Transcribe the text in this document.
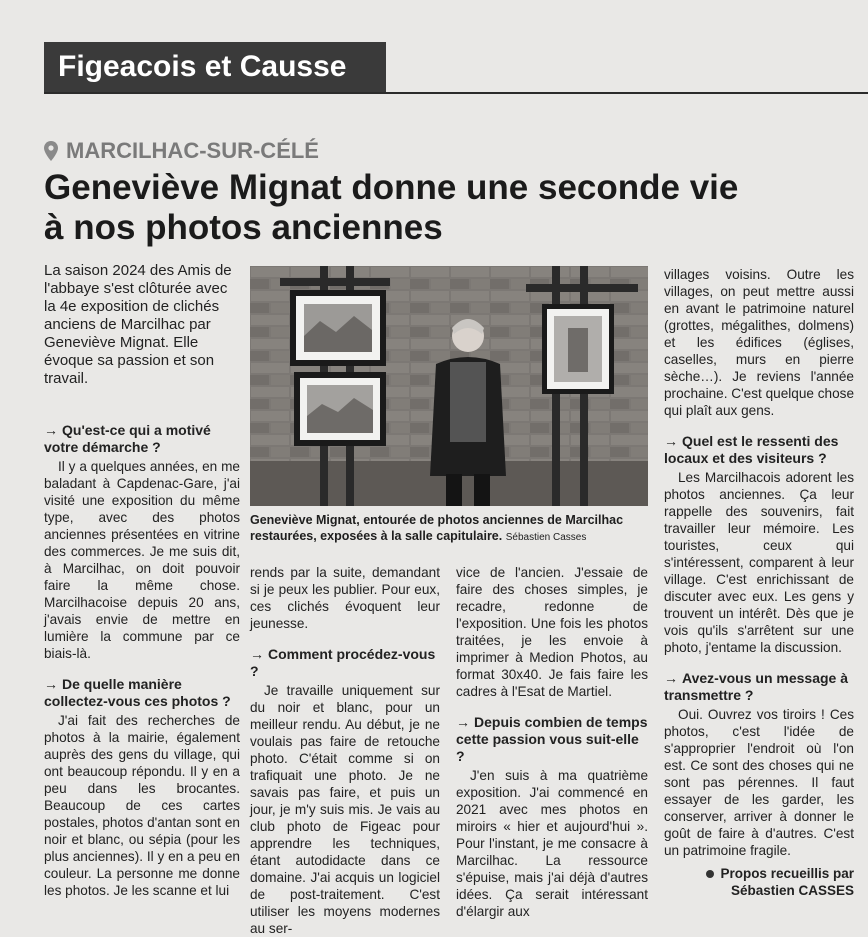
Figeacois et Causse
MARCILHAC-SUR-CÉLÉ
Geneviève Mignat donne une seconde vie
à nos photos anciennes
La saison 2024 des Amis de l'abbaye s'est clôturée avec la 4e exposition de clichés anciens de Marcilhac par Geneviève Mignat. Elle évoque sa passion et son travail.
Geneviève Mignat, entourée de photos anciennes de Marcilhac restaurées, exposées à la salle capitulaire. Sébastien Casses
→ Qu'est-ce qui a motivé votre démarche ?

Il y a quelques années, en me baladant à Capdenac-Gare, j'ai visité une exposition du même type, avec des photos anciennes présentées en vitrine des commerces. Je me suis dit, à Marcilhac, on doit pouvoir faire la même chose. Marcilhacoise depuis 20 ans, j'avais envie de mettre en lumière la commune par ce biais-là.

→ De quelle manière collectez-vous ces photos ?

J'ai fait des recherches de photos à la mairie, également auprès des gens du village, qui ont beaucoup répondu. Il y en a peu dans les brocantes. Beaucoup de ces cartes postales, photos d'antan sont en noir et blanc, ou sépia (pour les plus anciennes). Il y en a peu en couleur. La personne me donne les photos. Je les scanne et lui

rends par la suite, demandant si je peux les publier. Pour eux, ces clichés évoquent leur jeunesse.

→ Comment procédez-vous ?

Je travaille uniquement sur du noir et blanc, pour un meilleur rendu. Au début, je ne voulais pas faire de retouche photo. C'était comme si on trafiquait une photo. Je ne savais pas faire, et puis un jour, je m'y suis mis. Je vais au club photo de Figeac pour apprendre les techniques, étant autodidacte dans ce domaine. J'ai acquis un logiciel de post-traitement. C'est utiliser les moyens modernes au ser-

vice de l'ancien. J'essaie de faire des choses simples, je recadre, redonne de l'exposition. Une fois les photos traitées, je les envoie à imprimer à Medion Photos, au format 30x40. Je fais faire les cadres à l'Esat de Martiel.

→ Depuis combien de temps cette passion vous suit-elle ?

J'en suis à ma quatrième exposition. J'ai commencé en 2021 avec mes photos en miroirs « hier et aujourd'hui ». Pour l'instant, je me consacre à Marcilhac. La ressource s'épuise, mais j'ai déjà d'autres idées. Ça serait intéressant d'élargir aux

villages voisins. Outre les villages, on peut mettre aussi en avant le patrimoine naturel (grottes, mégalithes, dolmens) et les édifices (églises, caselles, murs en pierre sèche…). Je reviens l'année prochaine. C'est quelque chose qui plaît aux gens.

→ Quel est le ressenti des locaux et des visiteurs ?

Les Marcilhacois adorent les photos anciennes. Ça leur rappelle des souvenirs, fait travailler leur mémoire. Les touristes, ceux qui s'intéressent, comparent à leur village. C'est enrichissant de discuter avec eux. Les gens y trouvent un intérêt. Dès que je vois qu'ils s'arrêtent sur une photo, j'entame la discussion.

→ Avez-vous un message à transmettre ?

Oui. Ouvrez vos tiroirs ! Ces photos, c'est l'idée de s'approprier l'endroit où l'on est. Ce sont des choses qui ne sont pas pérennes. Il faut essayer de les garder, les conserver, arriver à donner le goût de faire à d'autres. C'est un patrimoine fragile.

Propos recueillis par
Sébastien CASSES
